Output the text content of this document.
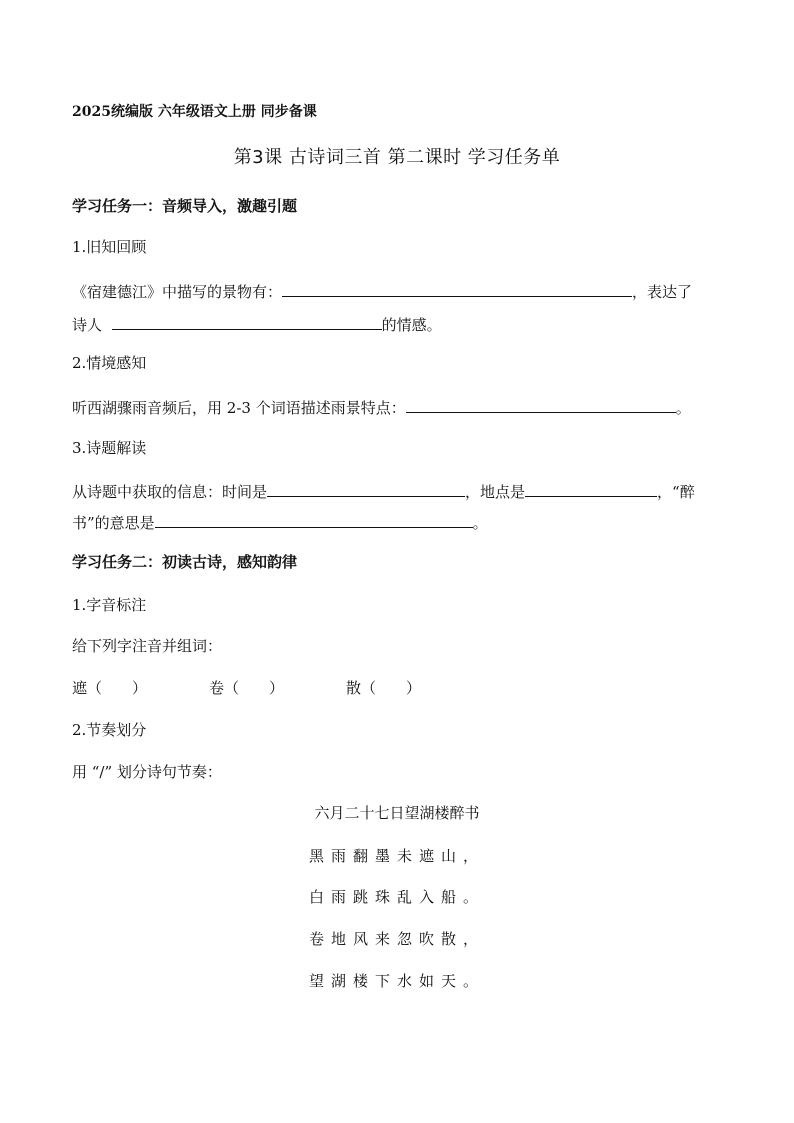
2025统编版 六年级语文上册 同步备课
第3课 古诗词三首 第二课时 学习任务单
学习任务一：音频导入，激趣引题
1.旧知回顾
《宿建德江》中描写的景物有：	，表达了
诗人	的情感。
2.情境感知
听西湖骤雨音频后，用 2-3 个词语描述雨景特点：	。
3.诗题解读
从诗题中获取的信息：时间是	，地点是	，“醉
书”的意思是	。
学习任务二：初读古诗，感知韵律
1.字音标注
给下列字注音并组词：
遮（　　）	卷（　　）	散（　　）
2.节奏划分
用 “/” 划分诗句节奏：
六月二十七日望湖楼醉书
黑雨翻墨未遮山，
白雨跳珠乱入船。
卷地风来忽吹散，
望湖楼下水如天。
